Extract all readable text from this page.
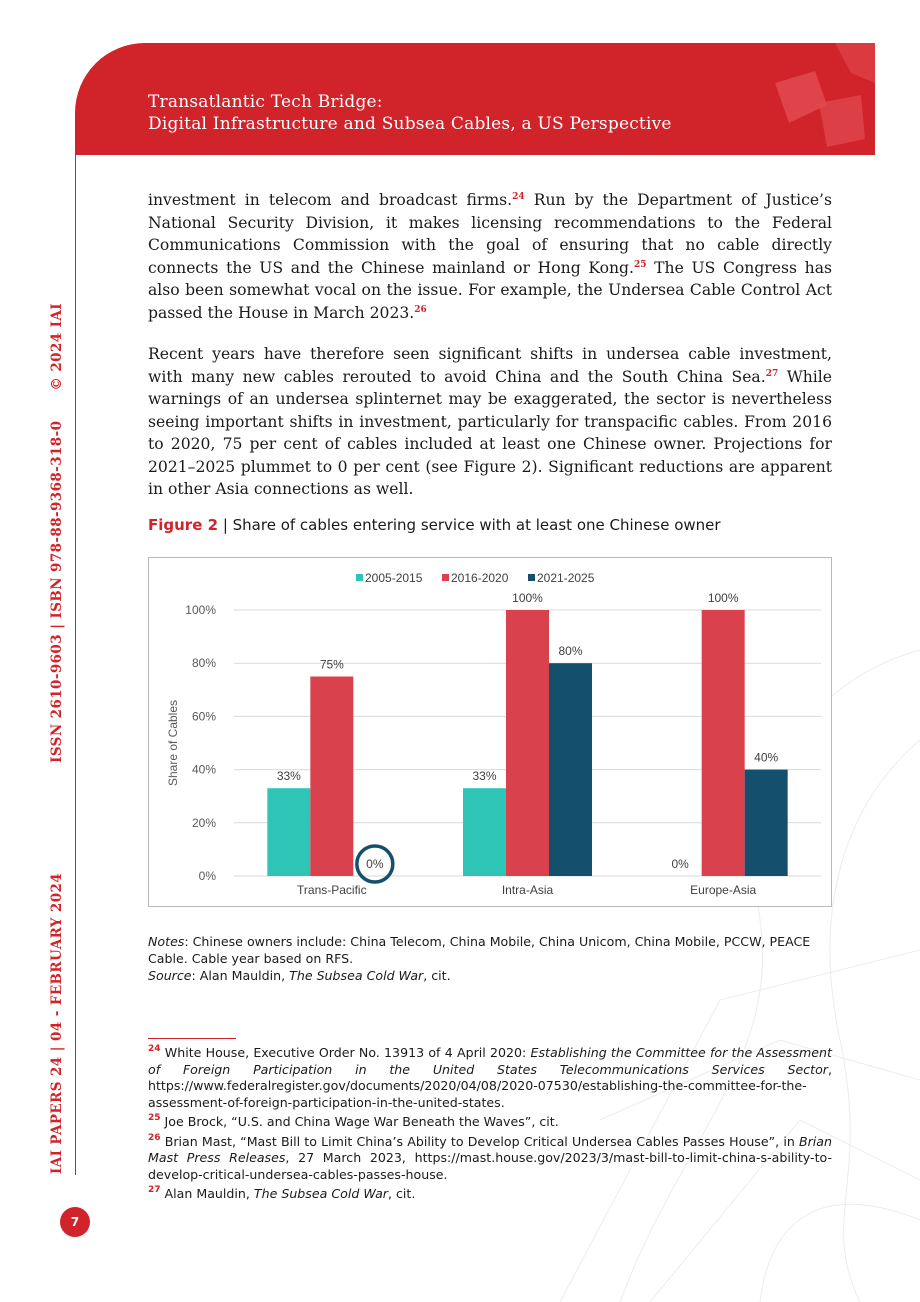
Transatlantic Tech Bridge:
Digital Infrastructure and Subsea Cables, a US Perspective
IAI PAPERS 24 | 04 - FEBRUARY 2024ISSN 2610-9603 | ISBN 978-88-9368-318-0© 2024 IAI
7
investment in telecom and broadcast firms.$^{24}$ Run by the Department of Justice’s National Security Division, it makes licensing recommendations to the Federal Communications Commission with the goal of ensuring that no cable directly connects the US and the Chinese mainland or Hong Kong.$^{25}$ The US Congress has also been somewhat vocal on the issue. For example, the Undersea Cable Control Act passed the House in March 2023.26
Recent years have therefore seen significant shifts in undersea cable investment, with many new cables rerouted to avoid China and the South China Sea.$^{27}$ While warnings of an undersea splinternet may be exaggerated, the sector is nevertheless seeing important shifts in investment, particularly for transpacific cables. From 2016 to 2020, 75 per cent of cables included at least one Chinese owner. Projections for 2021–2025 plummet to 0 per cent (see Figure 2). Significant reductions are apparent in other Asia connections as well.
Figure 2 | Share of cables entering service with at least one Chinese owner
0%
20%
40%
60%
80%
100%
Share of Cables	33%
75%
0%
Trans-Pacific
33%
100%
80%
Intra-Asia
0%
100%
40%
Europe-Asia
2005-2015 2016-2020 2021-2025
Notes: Chinese owners include: China Telecom, China Mobile, China Unicom, China Mobile, PCCW, PEACE Cable. Cable year based on RFS.
Source: Alan Mauldin, The Subsea Cold War, cit.
$^{24}$ White House, Executive Order No. 13913 of 4 April 2020: Establishing the Committee for the Assessment of Foreign Participation in the United States Telecommunications Services Sector, https://www.federalregister.gov/documents/2020/04/08/2020-07530/establishing-the-committee-for-the-assessment-of-foreign-participation-in-the-united-states.
$^{25}$ Joe Brock, “U.S. and China Wage War Beneath the Waves”, cit.
$^{26}$ Brian Mast, “Mast Bill to Limit China’s Ability to Develop Critical Undersea Cables Passes House”, in Brian Mast Press Releases, 27 March 2023, https://mast.house.gov/2023/3/mast-bill-to-limit-china-s-ability-to-develop-critical-undersea-cables-passes-house.
$^{27}$ Alan Mauldin, The Subsea Cold War, cit.
